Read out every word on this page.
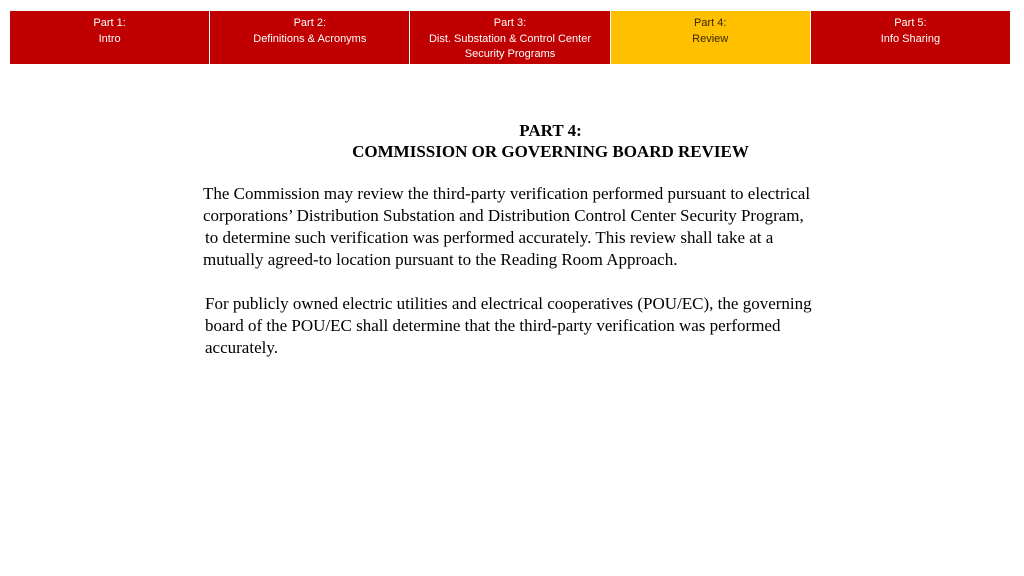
Part 1:
Intro
Part 2:
Definitions & Acronyms
Part 3:
Dist. Substation & Control Center
Security Programs
Part 4:
Review
Part 5:
Info Sharing
PART 4:
COMMISSION OR GOVERNING BOARD REVIEW

The Commission may review the third-party verification performed pursuant to electrical
corporations’ Distribution Substation and Distribution Control Center Security Program,
to determine such verification was performed accurately. This review shall take at a
mutually agreed-to location pursuant to the Reading Room Approach.

For publicly owned electric utilities and electrical cooperatives (POU/EC), the governing
board of the POU/EC shall determine that the third-party verification was performed
accurately.
